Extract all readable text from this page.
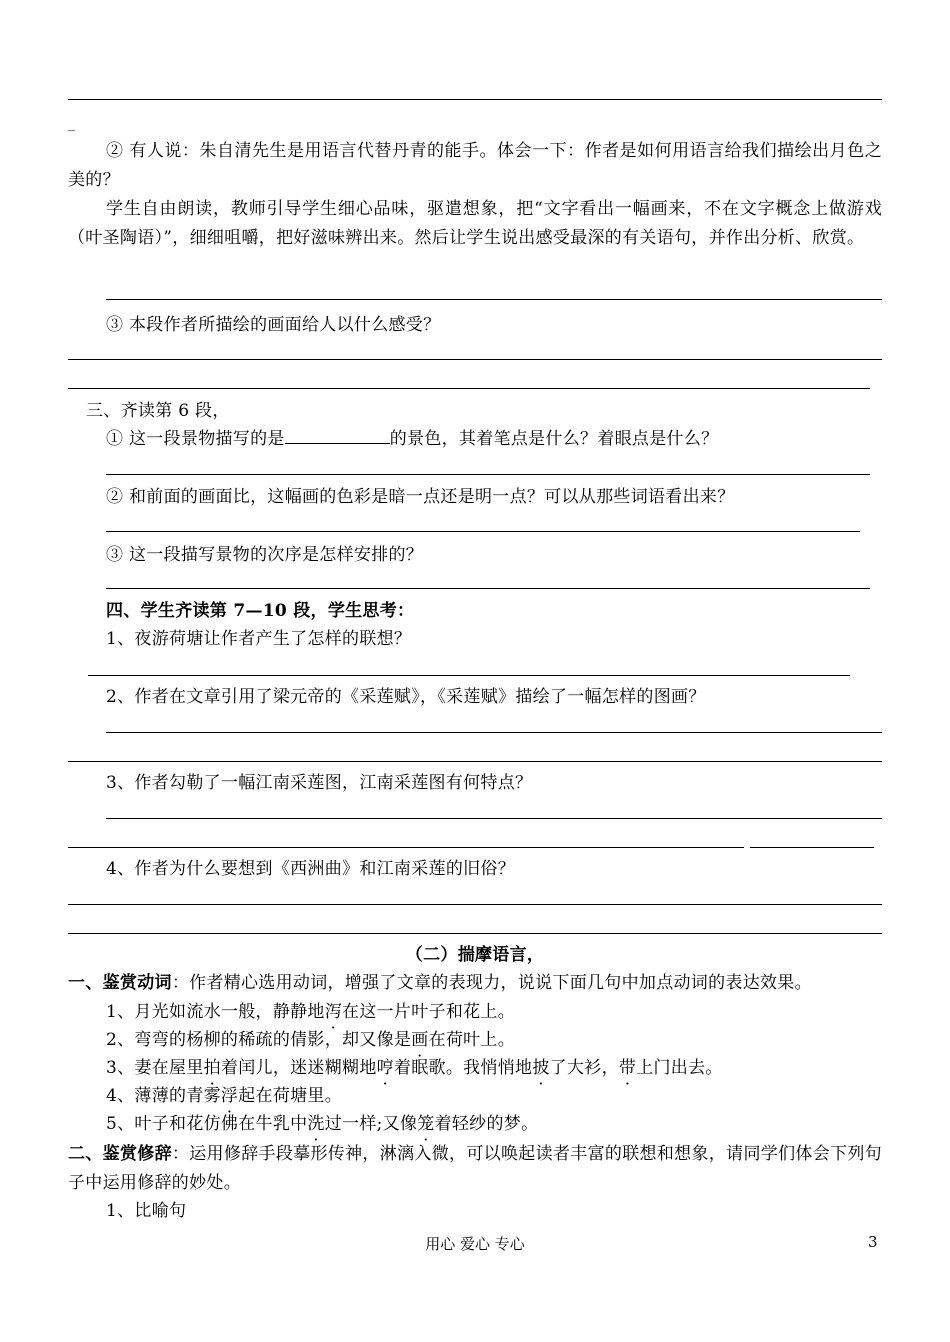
_
② 有人说：朱自清先生是用语言代替丹青的能手。体会一下：作者是如何用语言给我们描绘出月色之美的？
学生自由朗读，教师引导学生细心品味，驱遣想象，把“文字看出一幅画来，不在文字概念上做游戏（叶圣陶语）”，细细咀嚼，把好滋味辨出来。然后让学生说出感受最深的有关语句，并作出分析、欣赏。
③ 本段作者所描绘的画面给人以什么感受？
三、齐读第 6 段，
① 这一段景物描写的是	的景色，其着笔点是什么？着眼点是什么？
② 和前面的画面比，这幅画的色彩是暗一点还是明一点？可以从那些词语看出来？
③ 这一段描写景物的次序是怎样安排的？
四、学生齐读第 7—10 段，学生思考：
1、夜游荷塘让作者产生了怎样的联想？
2、作者在文章引用了梁元帝的《采莲赋》，《采莲赋》描绘了一幅怎样的图画？
3、作者勾勒了一幅江南采莲图，江南采莲图有何特点？
4、作者为什么要想到《西洲曲》和江南采莲的旧俗？
（二）揣摩语言，
一、鉴赏动词：作者精心选用动词，增强了文章的表现力，说说下面几句中加点动词的表达效果。
1、月光如流水一般，静静地泻在这一片叶子和花上。
2、弯弯的杨柳的稀疏的倩影，却又像是画在荷叶上。
3、妻在屋里拍着闰儿，迷迷糊糊地哼着眠歌。我悄悄地披了大衫，带上门出去。
4、薄薄的青雾浮起在荷塘里。
5、叶子和花仿佛在牛乳中洗过一样;又像笼着轻纱的梦。
二、鉴赏修辞：运用修辞手段摹形传神，淋漓入微，可以唤起读者丰富的联想和想象，请同学们体会下列句子中运用修辞的妙处。
1、比喻句
用心 爱心 专心	3
